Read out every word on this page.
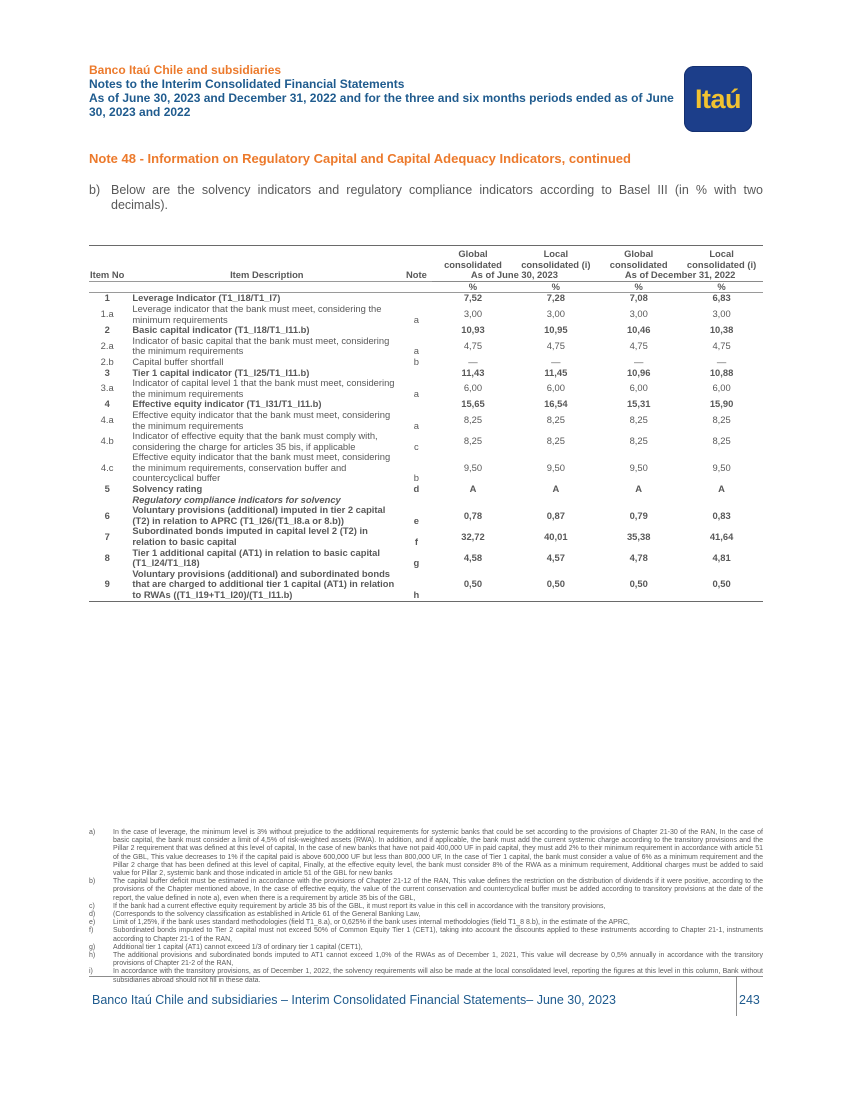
Banco Itaú Chile and subsidiaries
Notes to the Interim Consolidated Financial Statements
As of June 30, 2023 and December 31, 2022 and for the three and six months periods ended as of June 30, 2023 and 2022	Itaú
Note 48 - Information on Regulatory Capital and Capital Adequacy Indicators, continued
b) Below are the solvency indicators and regulatory compliance indicators according to Basel III (in % with two decimals).
			Global consolidated	Local consolidated (i)	Global consolidated	Local consolidated (i)
Item No	Item Description	Note	As of June 30, 2023		As of December 31, 2022	
			%	%	%	%
1	Leverage Indicator (T1_I18/T1_I7)		7,52	7,28	7,08	6,83
1.a	Leverage indicator that the bank must meet, considering the minimum requirements	a	3,00	3,00	3,00	3,00
2	Basic capital indicator (T1_I18/T1_I11.b)		10,93	10,95	10,46	10,38
2.a	Indicator of basic capital that the bank must meet, considering the minimum requirements	a	4,75	4,75	4,75	4,75
2.b	Capital buffer shortfall	b	—	—	—	—
3	Tier 1 capital indicator (T1_I25/T1_I11.b)		11,43	11,45	10,96	10,88
3.a	Indicator of capital level 1 that the bank must meet, considering the minimum requirements	a	6,00	6,00	6,00	6,00
4	Effective equity indicator (T1_I31/T1_I11.b)		15,65	16,54	15,31	15,90
4.a	Effective equity indicator that the bank must meet, considering the minimum requirements	a	8,25	8,25	8,25	8,25
4.b	Indicator of effective equity that the bank must comply with, considering the charge for articles 35 bis, if applicable	c	8,25	8,25	8,25	8,25
4.c	Effective equity indicator that the bank must meet, considering the minimum requirements, conservation buffer and countercyclical buffer	b	9,50	9,50	9,50	9,50
5	Solvency rating	d	A	A	A	A
	Regulatory compliance indicators for solvency					
6	Voluntary provisions (additional) imputed in tier 2 capital (T2) in relation to APRC (T1_I26/(T1_I8.a or 8.b))	e	0,78	0,87	0,79	0,83
7	Subordinated bonds imputed in capital level 2 (T2) in relation to basic capital	f	32,72	40,01	35,38	41,64
8	Tier 1 additional capital (AT1) in relation to basic capital (T1_I24/T1_I18)	g	4,58	4,57	4,78	4,81
9	Voluntary provisions (additional) and subordinated bonds that are charged to additional tier 1 capital (AT1) in relation to RWAs ((T1_I19+T1_I20)/(T1_I11.b)	h	0,50	0,50	0,50	0,50
a)	In the case of leverage, the minimum level is 3% without prejudice to the additional requirements for systemic banks that could be set according to the provisions of Chapter 21-30 of the RAN, In the case of basic capital, the bank must consider a limit of 4,5% of risk-weighted assets (RWA). In addition, and if applicable, the bank must add the current systemic charge according to the transitory provisions and the Pillar 2 requirement that was defined at this level of capital, In the case of new banks that have not paid 400,000 UF in paid capital, they must add 2% to their minimum requirement in accordance with article 51 of the GBL, This value decreases to 1% if the capital paid is above 600,000 UF but less than 800,000 UF, In the case of Tier 1 capital, the bank must consider a value of 6% as a minimum requirement and the Pillar 2 charge that has been defined at this level of capital, Finally, at the effective equity level, the bank must consider 8% of the RWA as a minimum requirement, Additional charges must be added to said value for Pillar 2, systemic bank and those indicated in article 51 of the GBL for new banks
b)	The capital buffer deficit must be estimated in accordance with the provisions of Chapter 21-12 of the RAN, This value defines the restriction on the distribution of dividends if it were positive, according to the provisions of the Chapter mentioned above, In the case of effective equity, the value of the current conservation and countercyclical buffer must be added according to transitory provisions at the date of the report, the value defined in note a), even when there is a requirement by article 35 bis of the GBL,
c)	If the bank had a current effective equity requirement by article 35 bis of the GBL, it must report its value in this cell in accordance with the transitory provisions,
d)	(Corresponds to the solvency classification as established in Article 61 of the General Banking Law,
e)	Limit of 1,25%, if the bank uses standard methodologies (field T1_8.a), or 0,625% if the bank uses internal methodologies (field T1_8 8.b), in the estimate of the APRC,
f)	Subordinated bonds imputed to Tier 2 capital must not exceed 50% of Common Equity Tier 1 (CET1), taking into account the discounts applied to these instruments according to Chapter 21-1, instruments according to Chapter 21-1 of the RAN,
g)	Additional tier 1 capital (AT1) cannot exceed 1/3 of ordinary tier 1 capital (CET1),
h)	The additional provisions and subordinated bonds imputed to AT1 cannot exceed 1,0% of the RWAs as of December 1, 2021, This value will decrease by 0,5% annually in accordance with the transitory provisions of Chapter 21-2 of the RAN,
i)	In accordance with the transitory provisions, as of December 1, 2022, the solvency requirements will also be made at the local consolidated level, reporting the figures at this level in this column, Bank without subsidiaries abroad should not fill in these data.
Banco Itaú Chile and subsidiaries – Interim Consolidated Financial Statements– June 30, 2023	243
